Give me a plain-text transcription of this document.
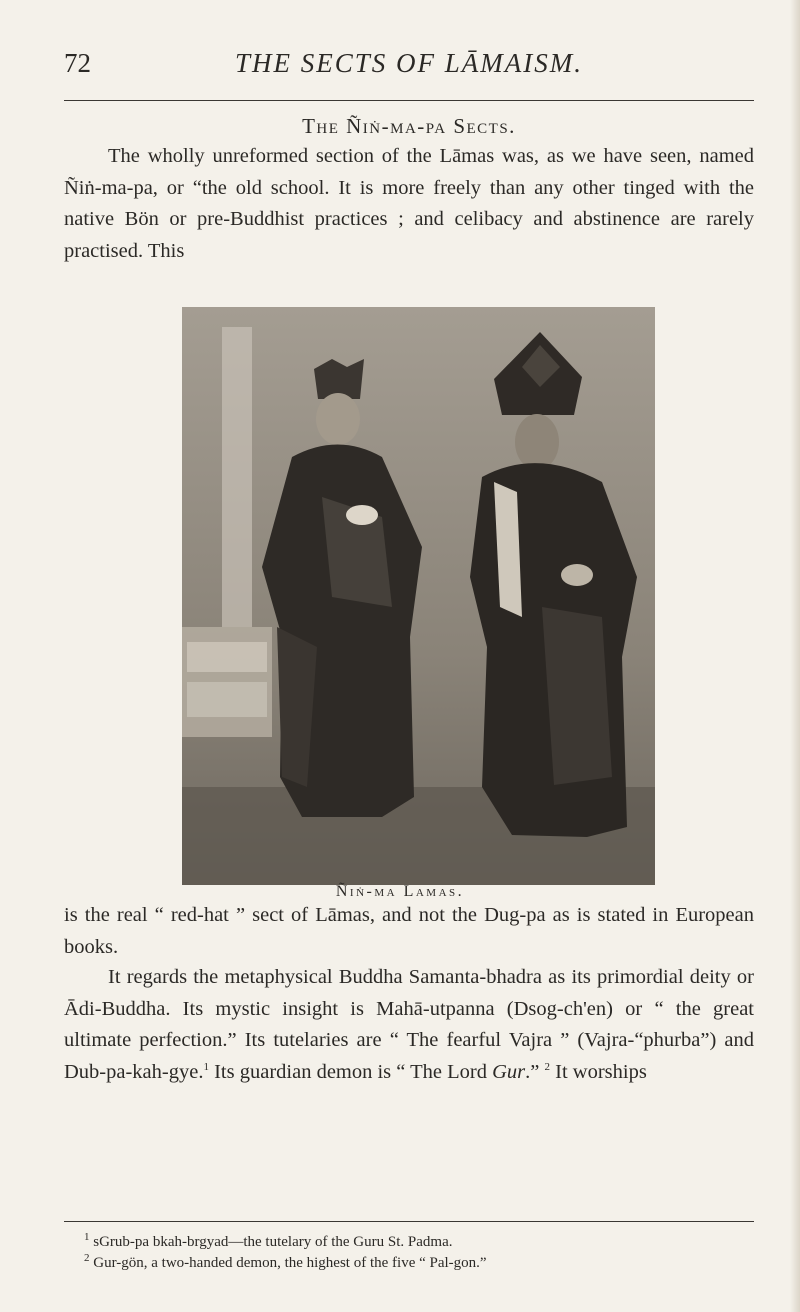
72	THE SECTS OF LĀMAISM.
The Ñiṅ-ma-pa Sects.

The wholly unreformed section of the Lāmas was, as we have seen, named Ñiṅ-ma-pa, or “the old school. It is more freely than any other tinged with the native Bön or pre-Buddhist practices ; and celibacy and abstinence are rarely practised. This

Ñiṅ-ma Lamas.

is the real “ red-hat ” sect of Lāmas, and not the Dug-pa as is stated in European books.

It regards the metaphysical Buddha Samanta-bhadra as its primordial deity or Ādi-Buddha. Its mystic insight is Mahā-utpanna (Dsog-ch'en) or “ the great ultimate perfection.” Its tutelaries are “ The fearful Vajra ” (Vajra-“phurba”) and Dub-pa-kah-gye.$^1$ Its guardian demon is “ The Lord Gur.” $^2$ It worships

$^1$ sGrub-pa bkah-brgyad—the tutelary of the Guru St. Padma.
$^2$ Gur-gön, a two-handed demon, the highest of the five “ Pal-gon.”
